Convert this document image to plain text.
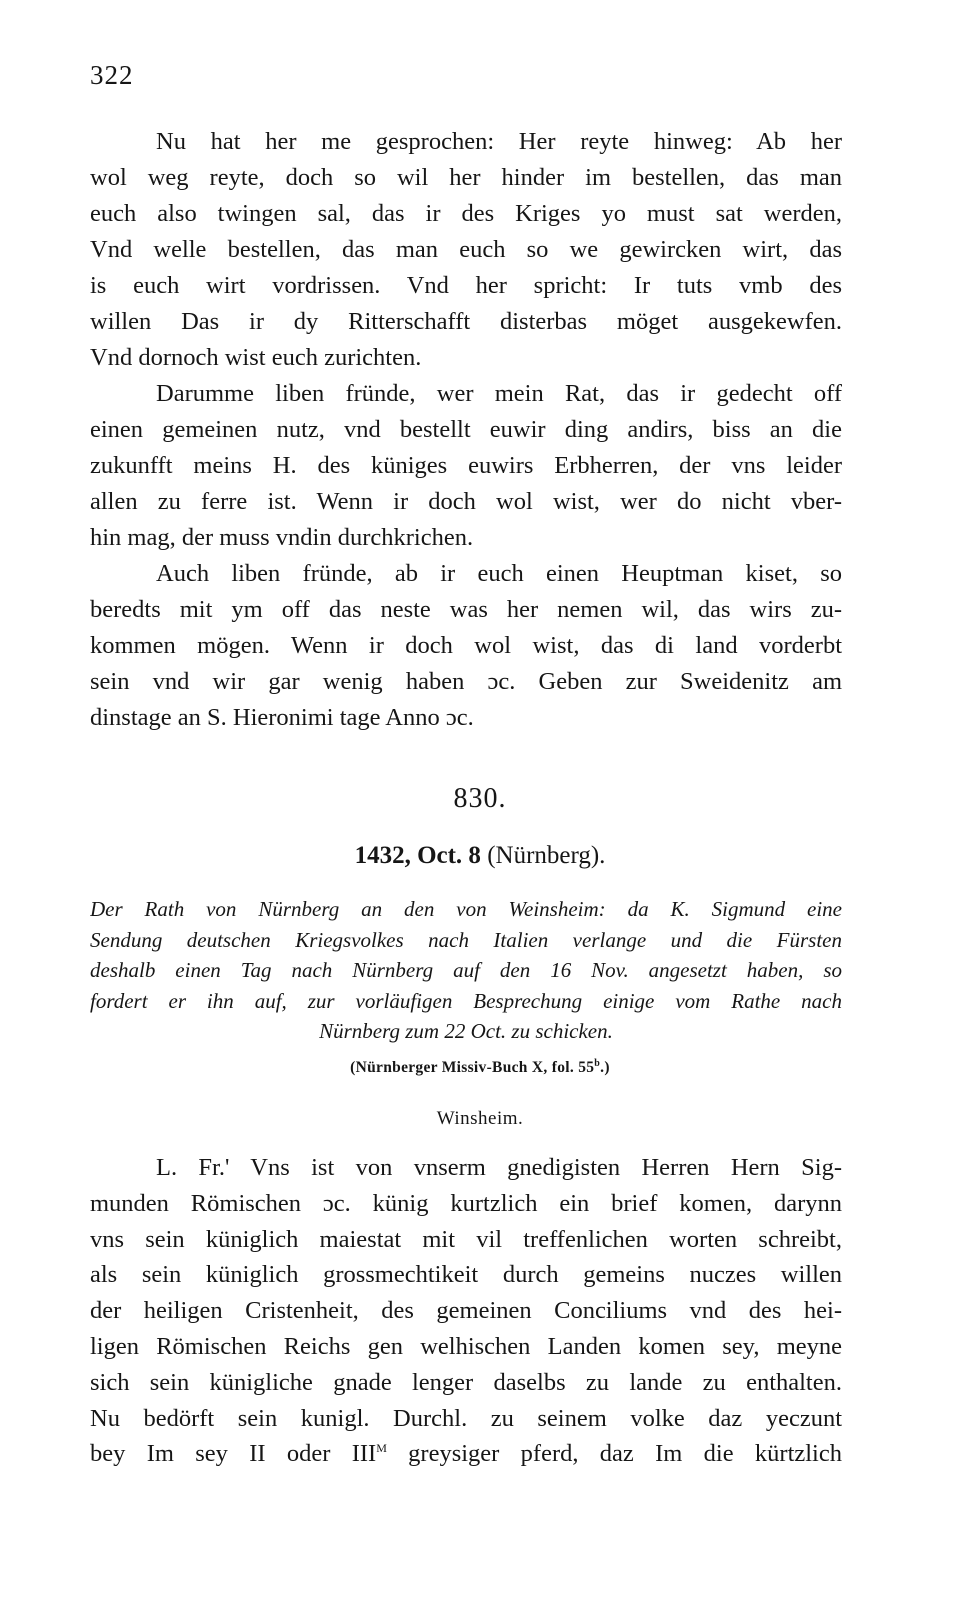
322
Nu hat her me gesprochen: Her reyte hinweg: Ab her
wol weg reyte, doch so wil her hinder im bestellen, das man
euch also twingen sal, das ir des Kriges yo must sat werden,
Vnd welle bestellen, das man euch so we gewircken wirt, das
is euch wirt vordrissen. Vnd her spricht: Ir tuts vmb des
willen Das ir dy Ritterschafft disterbas möget ausgekewfen.
Vnd dornoch wist euch zurichten.
Darumme liben fründe, wer mein Rat, das ir gedecht off
einen gemeinen nutz, vnd bestellt euwir ding andirs, biss an die
zukunfft meins H. des küniges euwirs Erbherren, der vns leider
allen zu ferre ist. Wenn ir doch wol wist, wer do nicht vber-
hin mag, der muss vndin durchkrichen.
Auch liben fründe, ab ir euch einen Heuptman kiset, so
beredts mit ym off das neste was her nemen wil, das wirs zu-
kommen mögen. Wenn ir doch wol wist, das di land vorderbt
sein vnd wir gar wenig haben ɔc. Geben zur Sweidenitz am
dinstage an S. Hieronimi tage Anno ɔc.
830.
1432, Oct. 8 (Nürnberg).
Der Rath von Nürnberg an den von Weinsheim: da K. Sigmund eine
Sendung deutschen Kriegsvolkes nach Italien verlange und die Fürsten
deshalb einen Tag nach Nürnberg auf den 16 Nov. angesetzt haben, so
fordert er ihn auf, zur vorläufigen Besprechung einige vom Rathe nach
Nürnberg zum 22 Oct. zu schicken.
(Nürnberger Missiv-Buch X, fol. 55$^b$.)
Winsheim.
L. Fr.' Vns ist von vnserm gnedigisten Herren Hern Sig-
munden Römischen ɔc. künig kurtzlich ein brief komen, darynn
vns sein küniglich maiestat mit vil treffenlichen worten schreibt,
als sein küniglich grossmechtikeit durch gemeins nuczes willen
der heiligen Cristenheit, des gemeinen Conciliums vnd des hei-
ligen Römischen Reichs gen welhischen Landen komen sey, meyne
sich sein künigliche gnade lenger daselbs zu lande zu enthalten.
Nu bedörft sein kunigl. Durchl. zu seinem volke daz yeczunt
bey Im sey II oder $III^M$ greysiger pferd, daz Im die kürtzlich
